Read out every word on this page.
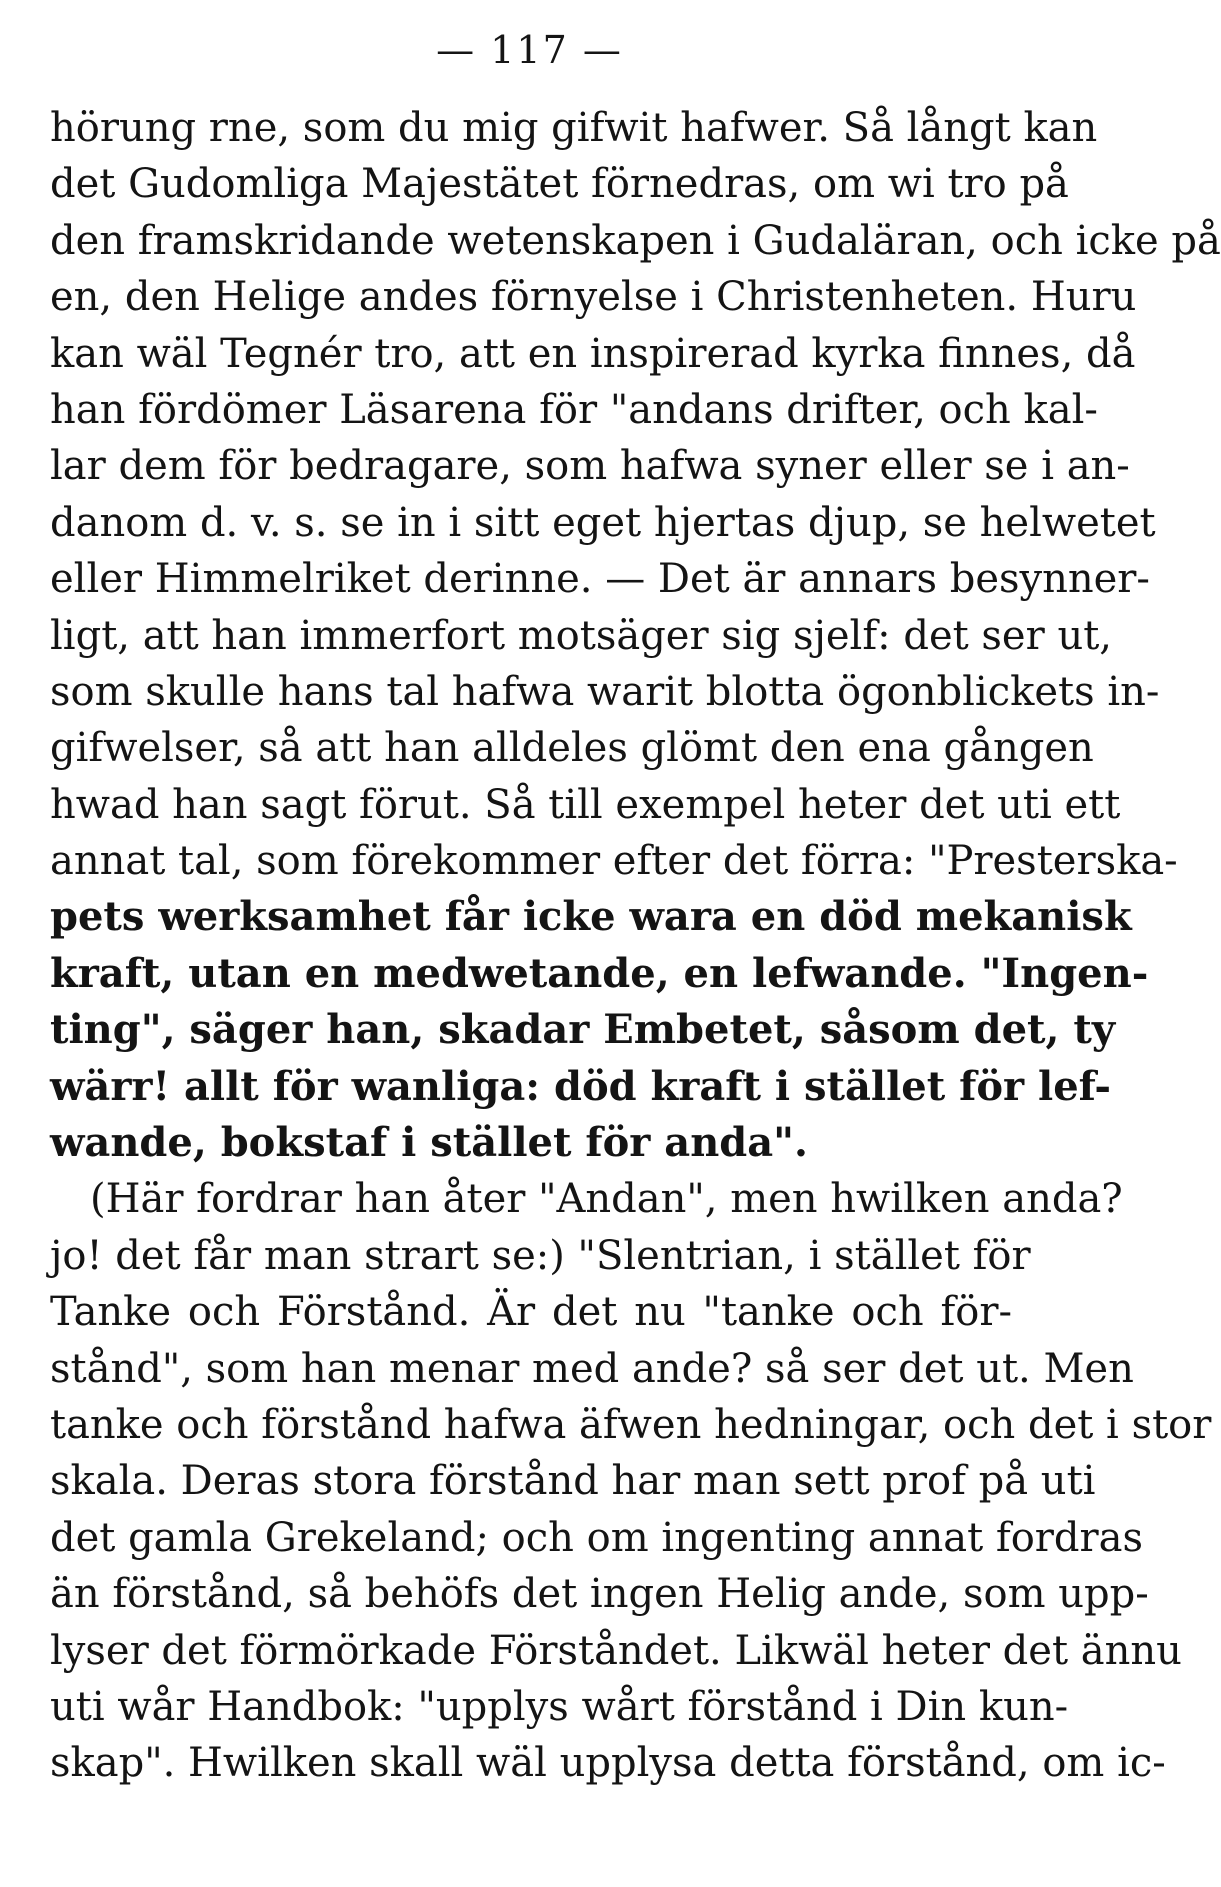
— 117 —
hörung rne, som du mig gifwit hafwer. Så långt kan
det Gudomliga Majestätet förnedras, om wi tro på
den framskridande wetenskapen i Gudaläran, och icke på
en, den Helige andes förnyelse i Christenheten. Huru
kan wäl Tegnér tro, att en inspirerad kyrka finnes, då
han fördömer Läsarena för "andans drifter, och kal-
lar dem för bedragare, som hafwa syner eller se i an-
danom d. v. s. se in i sitt eget hjertas djup, se helwetet
eller Himmelriket derinne. — Det är annars besynner-
ligt, att han immerfort motsäger sig sjelf: det ser ut,
som skulle hans tal hafwa warit blotta ögonblickets in-
gifwelser, så att han alldeles glömt den ena gången
hwad han sagt förut. Så till exempel heter det uti ett
annat tal, som förekommer efter det förra: "Presterska-
pets werksamhet får icke wara en död mekanisk
kraft, utan en medwetande, en lefwande. "Ingen-
ting", säger han, skadar Embetet, såsom det, ty
wärr! allt för wanliga: död kraft i stället för lef-
wande, bokstaf i stället för anda".
(Här fordrar han åter "Andan", men hwilken anda?
jo! det får man strart se:) "Slentrian, i stället för
Tanke och Förstånd. Är det nu "tanke och för-
stånd", som han menar med ande? så ser det ut. Men
tanke och förstånd hafwa äfwen hedningar, och det i stor
skala. Deras stora förstånd har man sett prof på uti
det gamla Grekeland; och om ingenting annat fordras
än förstånd, så behöfs det ingen Helig ande, som upp-
lyser det förmörkade Förståndet. Likwäl heter det ännu
uti wår Handbok: "upplys wårt förstånd i Din kun-
skap". Hwilken skall wäl upplysa detta förstånd, om ic-
